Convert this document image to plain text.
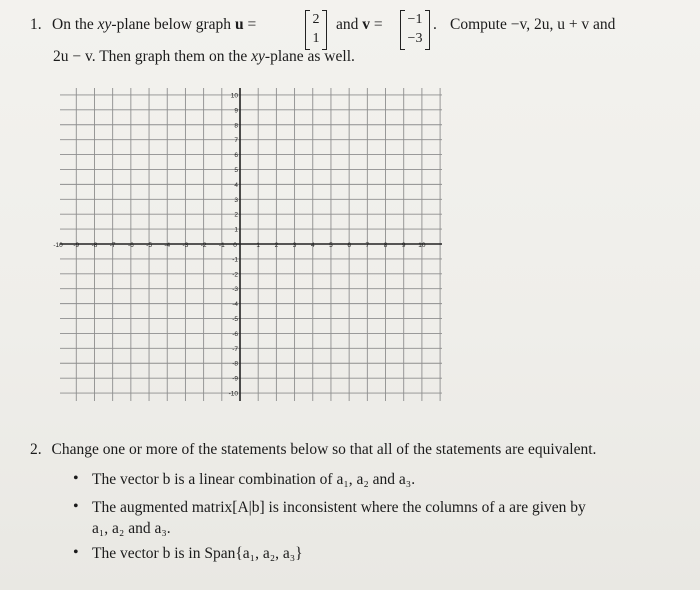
1. On the xy-plane below graph u =	2
1
and v =	−1
−3
. Compute −v, 2u, u + v and
2u − v. Then graph them on the xy-plane as well.
-10 -9 -8 -7 -6 -5 -4 -3 -2 -1 0	1 2 3 4 5 6 7 8 9 10
10
9
8
7
6
5
4
3
2
1
-1
-2
-3
-4
-5
-6
-7
-8
-9
-10
2. Change one or more of the statements below so that all of the statements are equivalent.
• The vector b is a linear combination of a₁, a₂ and a₃.
• The augmented matrix[A|b] is inconsistent where the columns of a are given by
a₁, a₂ and a₃.
• The vector b is in Span{a₁, a₂, a₃}
